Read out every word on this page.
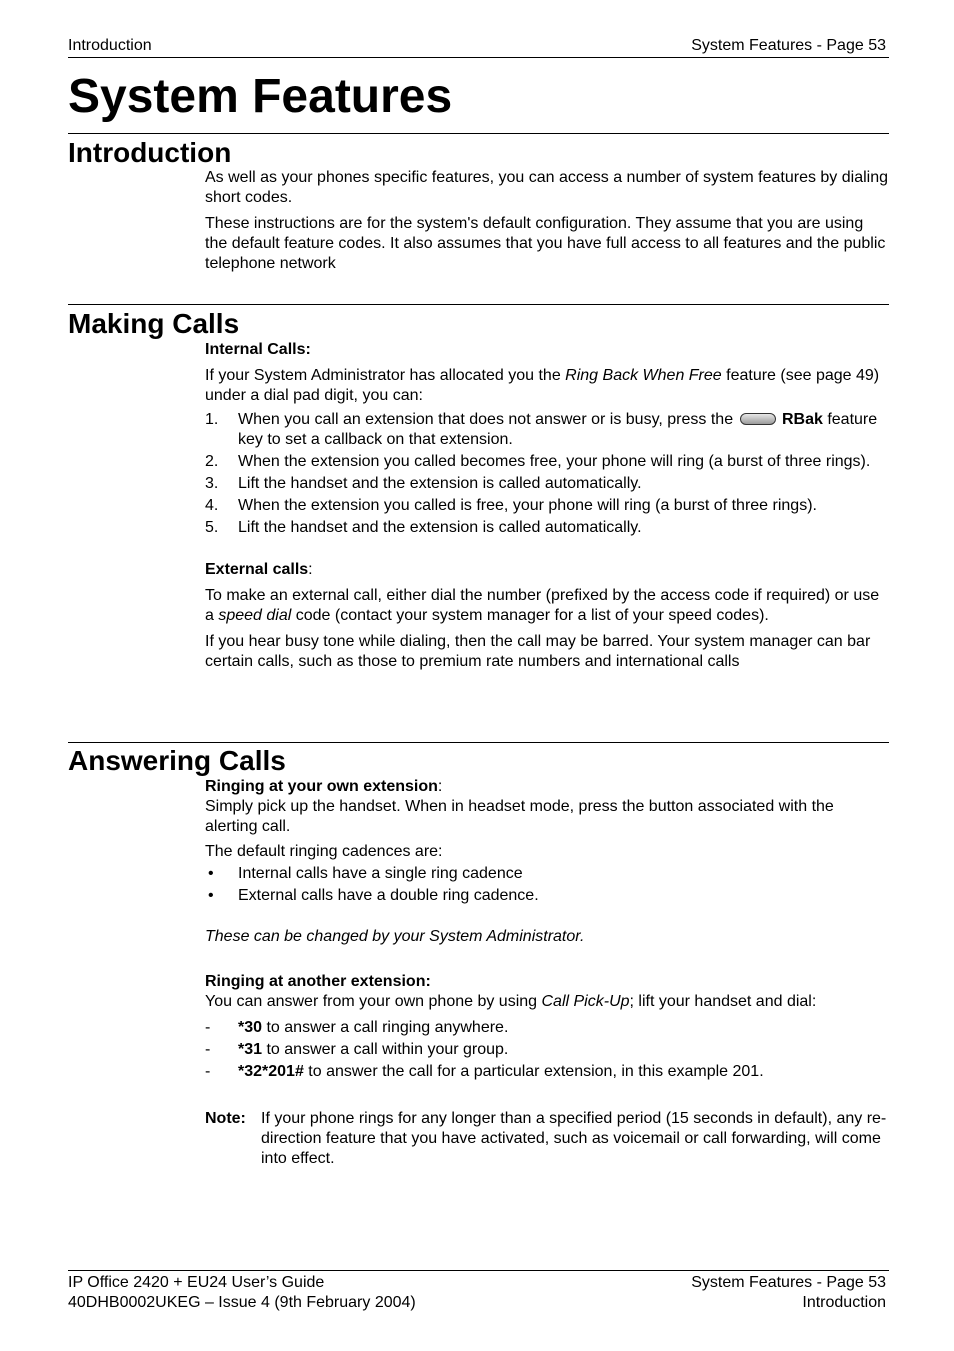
Introduction	System Features - Page 53
System Features
Introduction

As well as your phones specific features, you can access a number of system features by dialing short codes.

These instructions are for the system's default configuration. They assume that you are using the default feature codes. It also assumes that you have full access to all features and the public telephone network

Making Calls

Internal Calls:

If your System Administrator has allocated you the Ring Back When Free feature (see page 49) under a dial pad digit, you can:

1. When you call an extension that does not answer or is busy, press the	RBak feature key to set a callback on that extension.
2. When the extension you called becomes free, your phone will ring (a burst of three rings).
3. Lift the handset and the extension is called automatically.
4. When the extension you called is free, your phone will ring (a burst of three rings).
5. Lift the handset and the extension is called automatically.

External calls:

To make an external call, either dial the number (prefixed by the access code if required) or use a speed dial code (contact your system manager for a list of your speed codes).

If you hear busy tone while dialing, then the call may be barred. Your system manager can bar certain calls, such as those to premium rate numbers and international calls

Answering Calls

Ringing at your own extension:

Simply pick up the handset. When in headset mode, press the button associated with the alerting call.

The default ringing cadences are:

• Internal calls have a single ring cadence
• External calls have a double ring cadence.

These can be changed by your System Administrator.

Ringing at another extension:

You can answer from your own phone by using Call Pick-Up; lift your handset and dial:

- *30 to answer a call ringing anywhere.
- *31 to answer a call within your group.
- *32*201# to answer the call for a particular extension, in this example 201.
Note: If your phone rings for any longer than a specified period (15 seconds in default), any re-direction feature that you have activated, such as voicemail or call forwarding, will come into effect.
IP Office 2420 + EU24 User’s Guide
40DHB0002UKEG – Issue 4 (9th February 2004)
System Features - Page 53
Introduction
